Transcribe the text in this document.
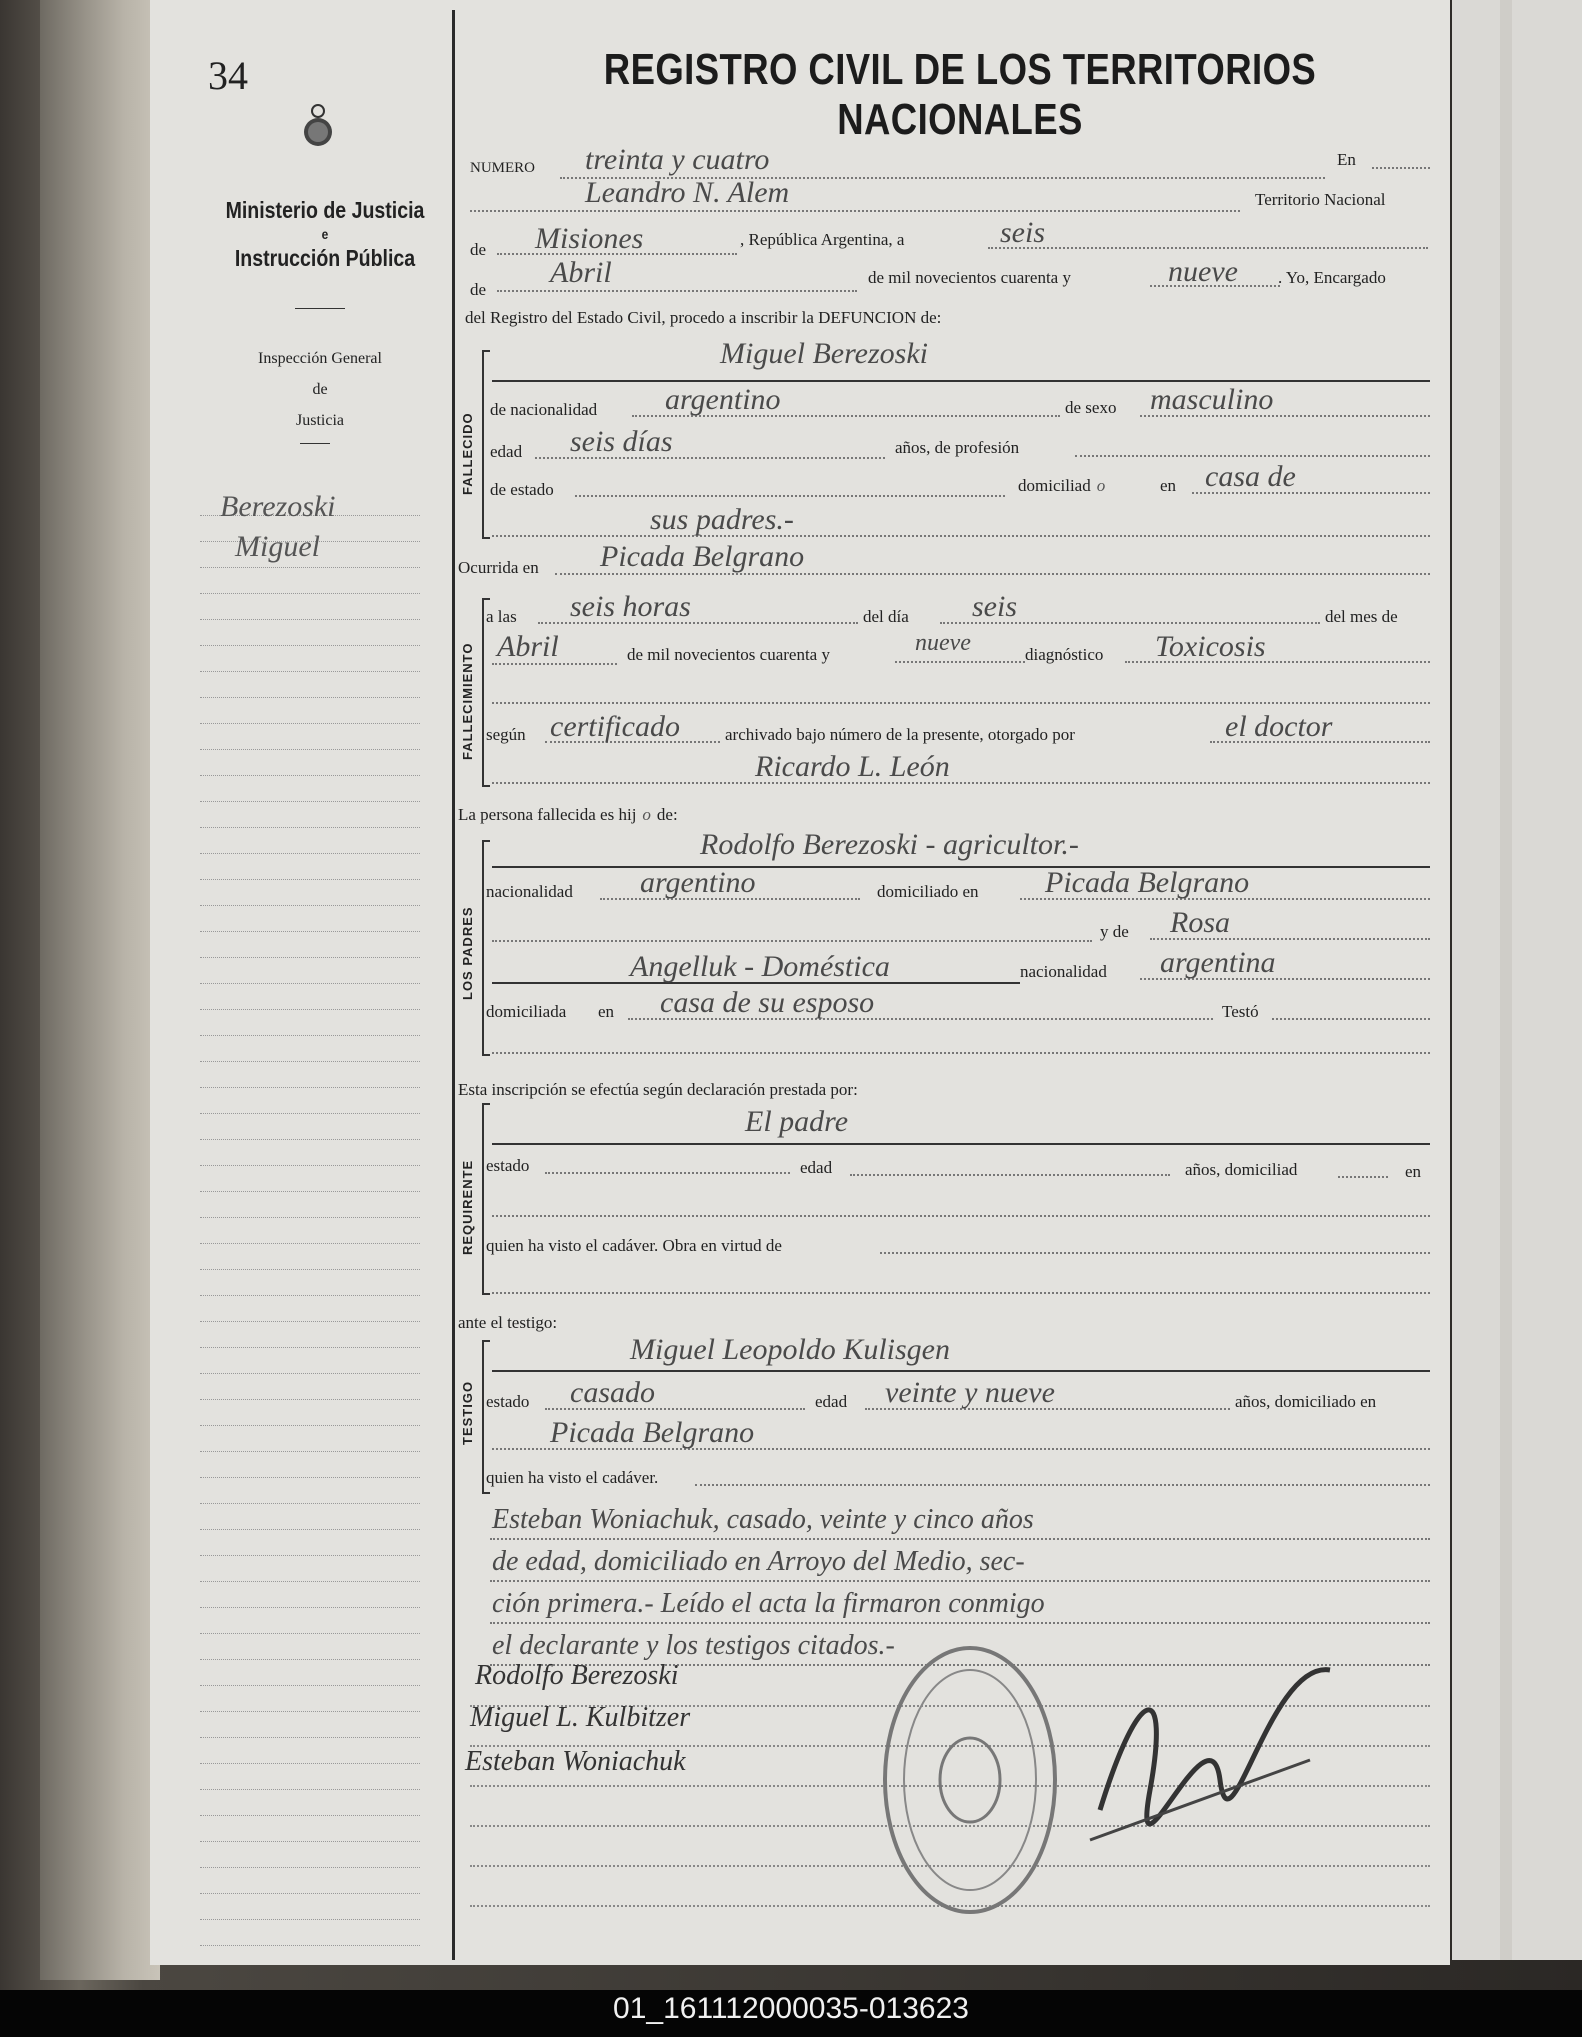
34
Ministerio de Justicia
e
Instrucción Pública
Inspección General
de
Justicia
Berezoski
Miguel
REGISTRO CIVIL DE LOS TERRITORIOS NACIONALES
NUMERO treinta y cuatro	En
Leandro N. Alem	Territorio Nacional
de Misiones	, República Argentina, a	seis
de
Abril	de mil novecientos cuarenta y	nueve . Yo, Encargado
del Registro del Estado Civil, procedo a inscribir la DEFUNCION de:
FALLECIDO
Miguel Berezoski
de nacionalidad argentino	de sexo masculino
edad seis días	años, de profesión
de estado	domiciliad o	en casa de
sus padres.-
Ocurrida en Picada Belgrano
FALLECIMIENTO
a las seis horas	del día seis	del mes de
Abril	de mil novecientos cuarenta y	nueve	diagnóstico Toxicosis
según certificado	archivado bajo número de la presente, otorgado por	el doctor
Ricardo L. León
La persona fallecida es hij o de:
LOS PADRES
Rodolfo Berezoski - agricultor.-
nacionalidad argentino	domiciliado en Picada Belgrano
y de Rosa
Angelluk - Doméstica	nacionalidad argentina
domiciliada en casa de su esposo	Testó
Esta inscripción se efectúa según declaración prestada por:
REQUIRENTE
El padre
estado	edad	años, domiciliad	en
quien ha visto el cadáver. Obra en virtud de
ante el testigo:
TESTIGO
Miguel Leopoldo Kulisgen
estado casado	edad veinte y nueve	años, domiciliado en
Picada Belgrano
quien ha visto el cadáver.
Esteban Woniachuk, casado, veinte y cinco años
de edad, domiciliado en Arroyo del Medio, sec-
ción primera.- Leído el acta la firmaron conmigo
el declarante y los testigos citados.-
Rodolfo Berezoski
Miguel L. Kulbitzer
Esteban Woniachuk
01_161112000035-013623
